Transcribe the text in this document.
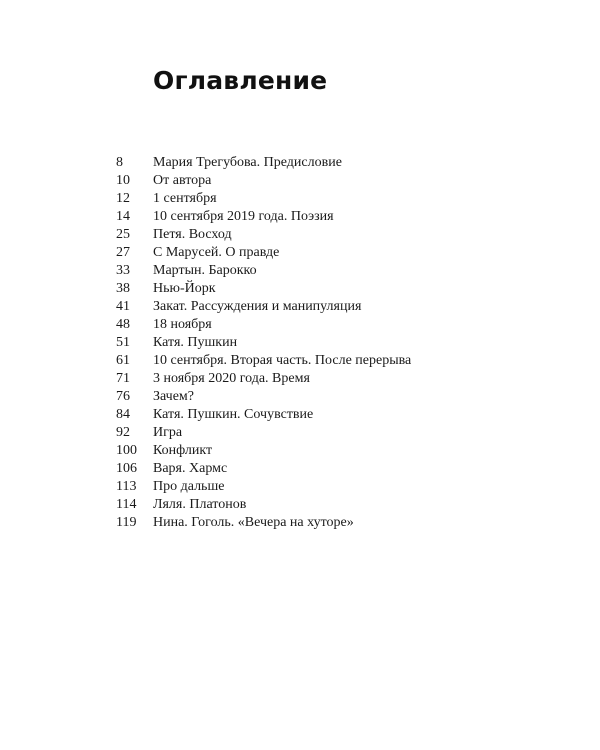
Оглавление
8	Мария Трегубова. Предисловие
10	От автора
12	1 сентября
14	10 сентября 2019 года. Поэзия
25	Петя. Восход
27	С Марусей. О правде
33	Мартын. Барокко
38	Нью-Йорк
41	Закат. Рассуждения и манипуляция
48	18 ноября
51	Катя. Пушкин
61	10 сентября. Вторая часть. После перерыва
71	3 ноября 2020 года. Время
76	Зачем?
84	Катя. Пушкин. Сочувствие
92	Игра
100	Конфликт
106	Варя. Хармс
113	Про дальше
114	Ляля. Платонов
119	Нина. Гоголь. «Вечера на хуторе»
